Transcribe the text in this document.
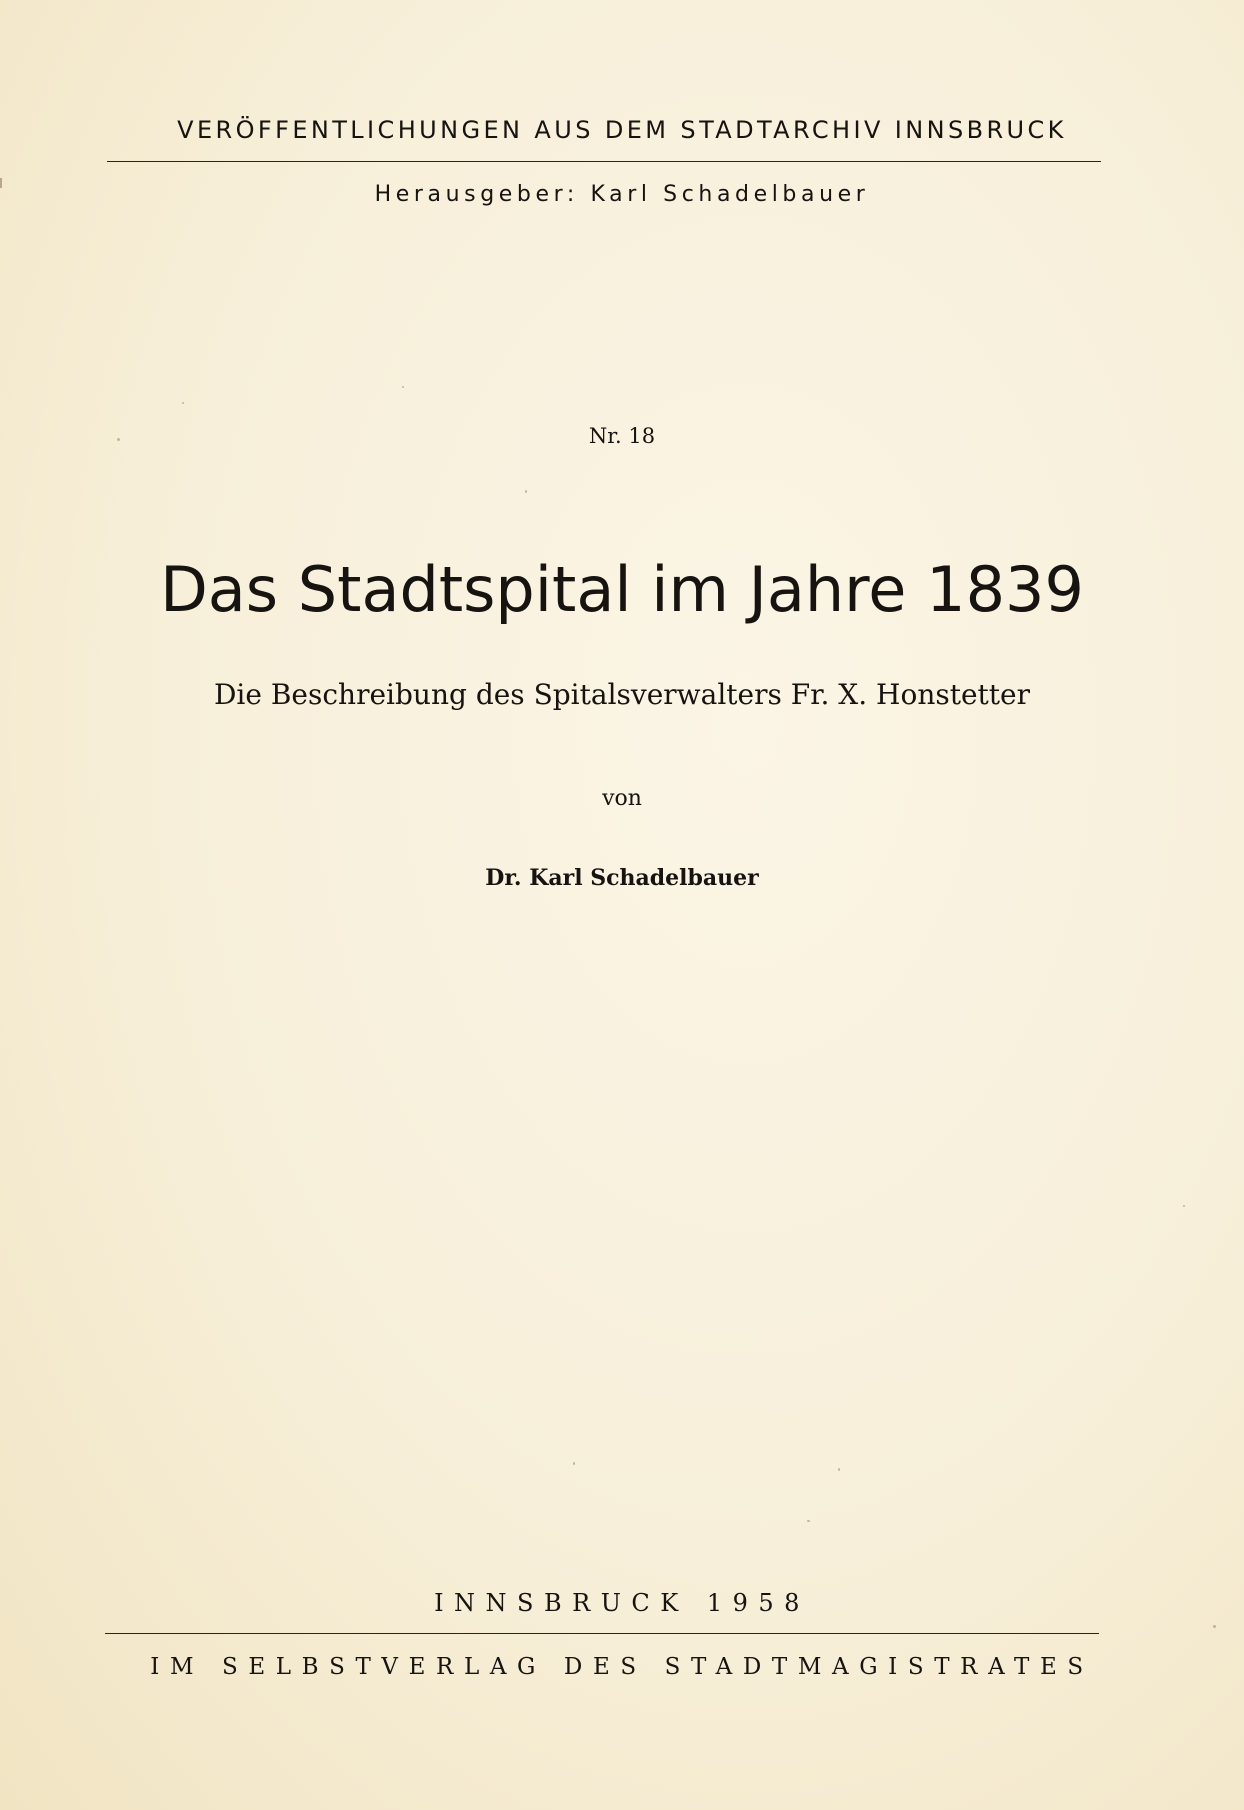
VERÖFFENTLICHUNGEN AUS DEM STADTARCHIV INNSBRUCK
Herausgeber: Karl Schadelbauer
Nr. 18
Das Stadtspital im Jahre 1839
Die Beschreibung des Spitalsverwalters Fr. X. Honstetter
von
Dr. Karl Schadelbauer
INNSBRUCK 1958
IM SELBSTVERLAG DES STADTMAGISTRATES
